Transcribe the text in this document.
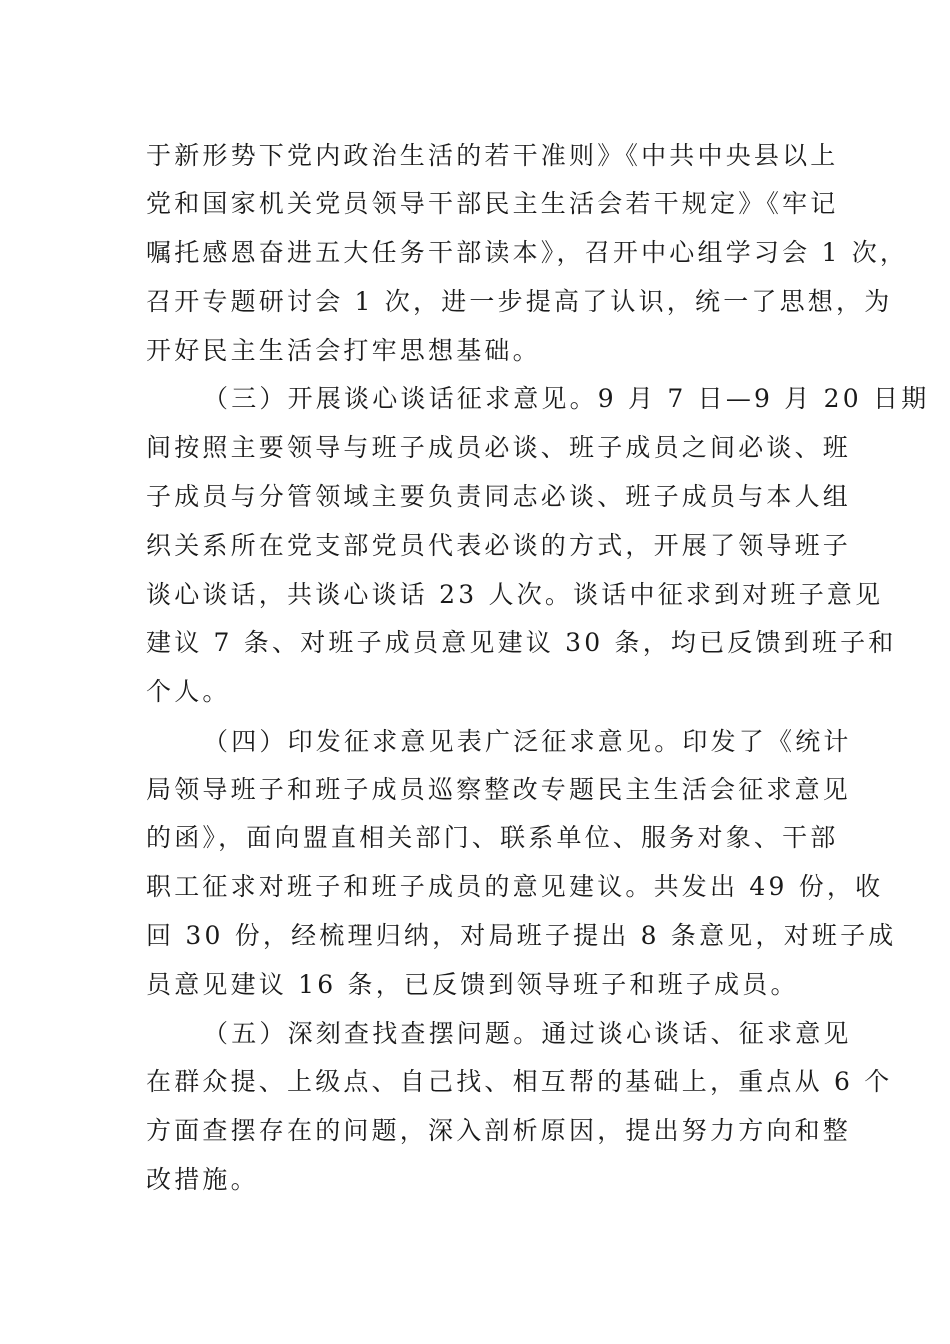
于新形势下党内政治生活的若干准则》《中共中央县以上
党和国家机关党员领导干部民主生活会若干规定》《牢记
嘱托感恩奋进五大任务干部读本》，召开中心组学习会 1 次，
召开专题研讨会 1 次，进一步提高了认识，统一了思想，为
开好民主生活会打牢思想基础。
（三）开展谈心谈话征求意见。9 月 7 日—9 月 20 日期
间按照主要领导与班子成员必谈、班子成员之间必谈、班
子成员与分管领域主要负责同志必谈、班子成员与本人组
织关系所在党支部党员代表必谈的方式，开展了领导班子
谈心谈话，共谈心谈话 23 人次。谈话中征求到对班子意见
建议 7 条、对班子成员意见建议 30 条，均已反馈到班子和
个人。
（四）印发征求意见表广泛征求意见。印发了《统计
局领导班子和班子成员巡察整改专题民主生活会征求意见
的函》，面向盟直相关部门、联系单位、服务对象、干部
职工征求对班子和班子成员的意见建议。共发出 49 份，收
回 30 份，经梳理归纳，对局班子提出 8 条意见，对班子成
员意见建议 16 条，已反馈到领导班子和班子成员。
（五）深刻查找查摆问题。通过谈心谈话、征求意见
在群众提、上级点、自己找、相互帮的基础上，重点从 6 个
方面查摆存在的问题，深入剖析原因，提出努力方向和整
改措施。
